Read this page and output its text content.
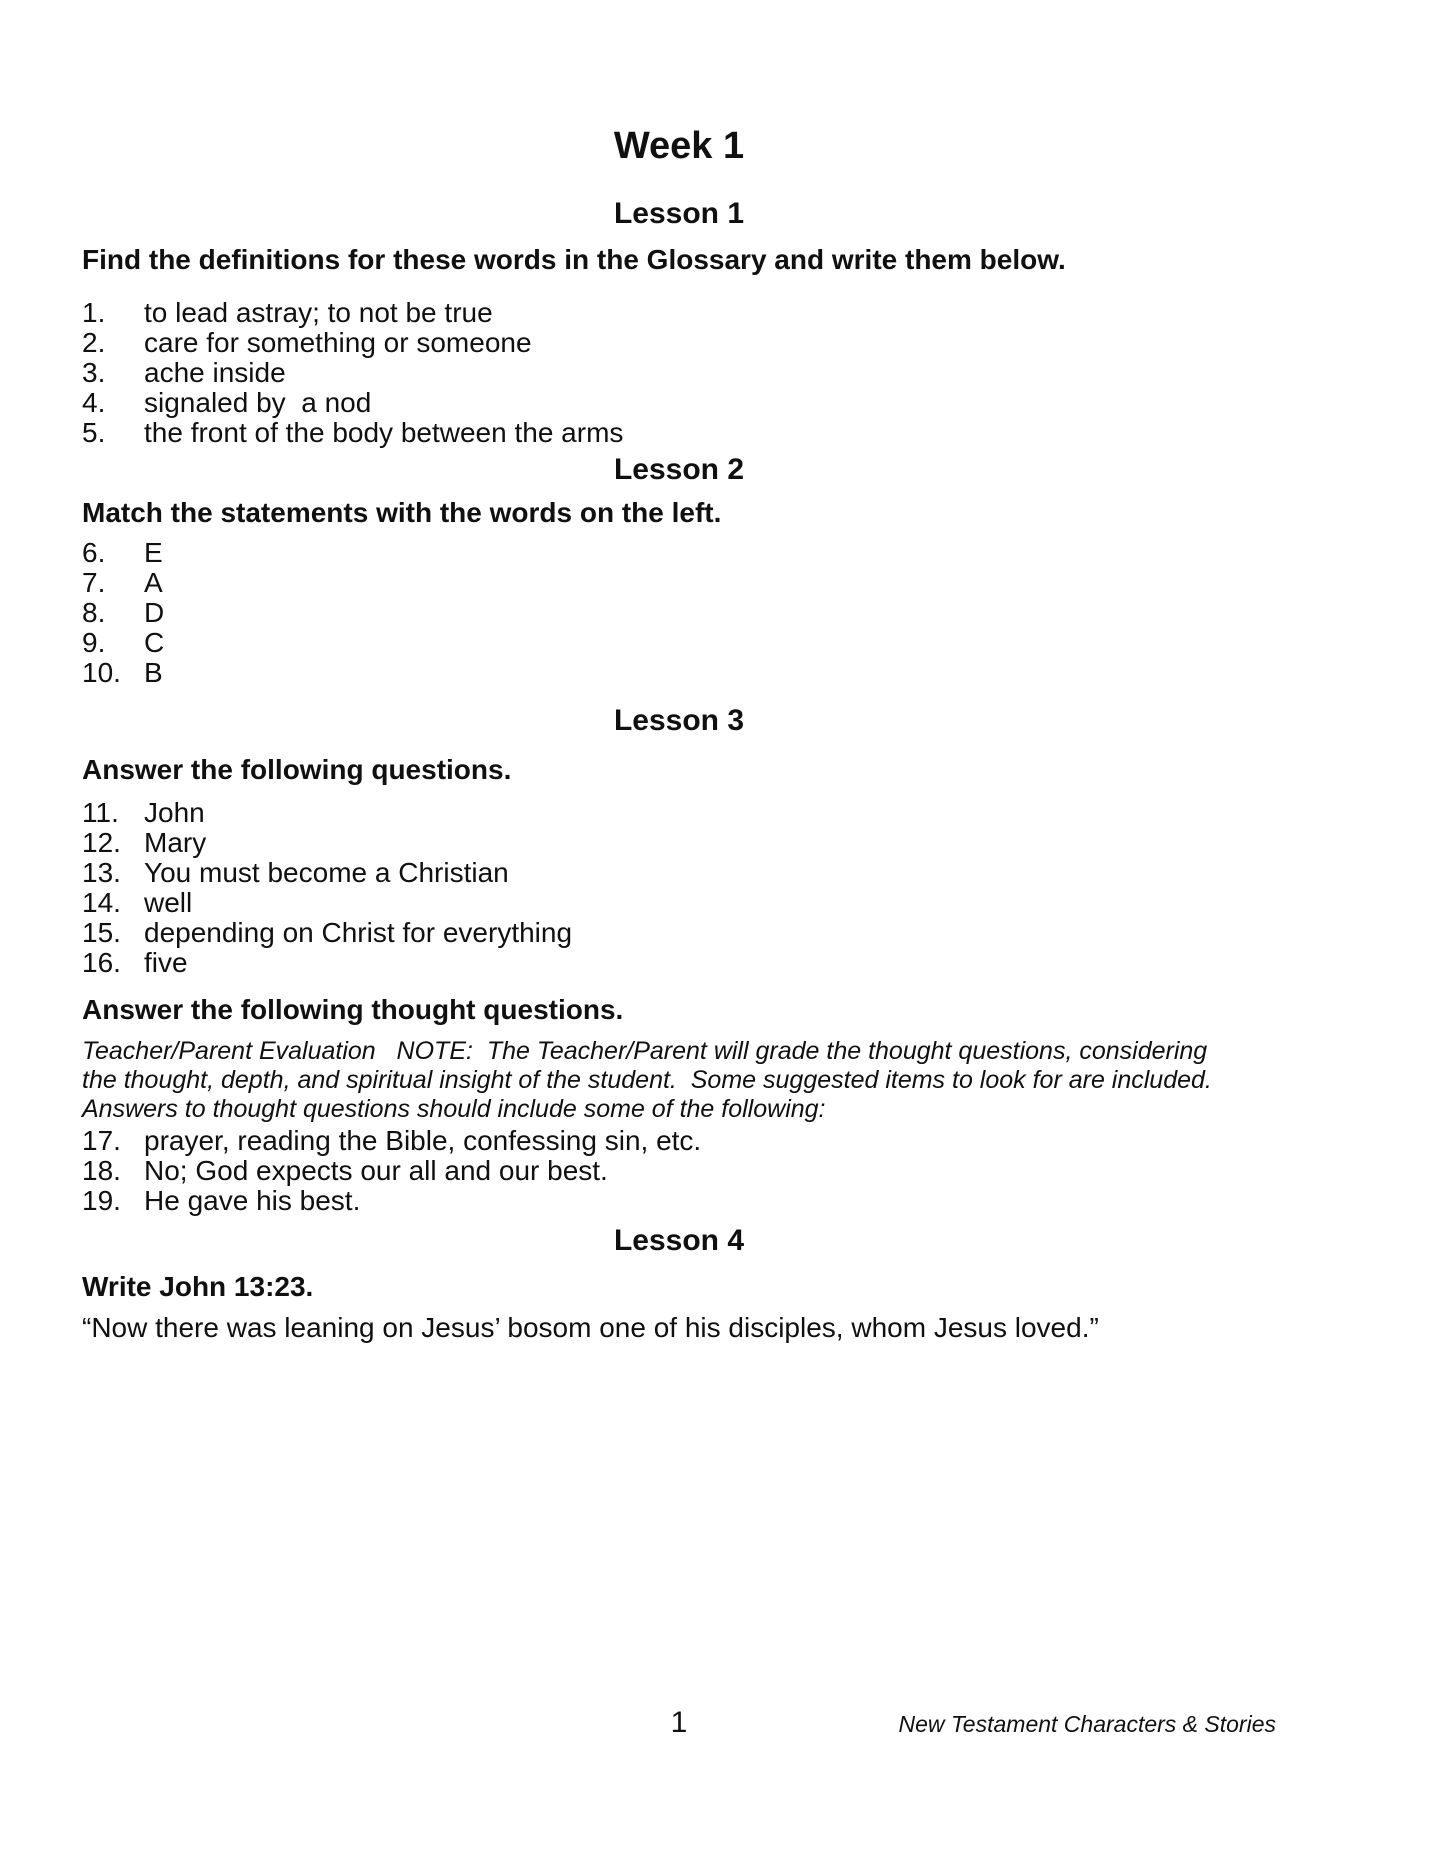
Week 1
Lesson 1

Find the definitions for these words in the Glossary and write them below.

1.	to lead astray; to not be true
2.	care for something or someone
3.	ache inside
4.	signaled by  a nod
5.	the front of the body between the arms
Lesson 2

Match the statements with the words on the left.

6.	E
7.	A
8.	D
9.	C
10. B
Lesson 3

Answer the following questions.

11. John
12. Mary
13. You must become a Christian
14. well
15. depending on Christ for everything
16. five

Answer the following thought questions.

Teacher/Parent Evaluation   NOTE:  The Teacher/Parent will grade the thought questions, considering
the thought, depth, and spiritual insight of the student.  Some suggested items to look for are included.
Answers to thought questions should include some of the following:
17. prayer, reading the Bible, confessing sin, etc.
18. No; God expects our all and our best.
19. He gave his best.
Lesson 4

Write John 13:23.

“Now there was leaning on Jesus’ bosom one of his disciples, whom Jesus loved.”

1	New Testament Characters & Stories
